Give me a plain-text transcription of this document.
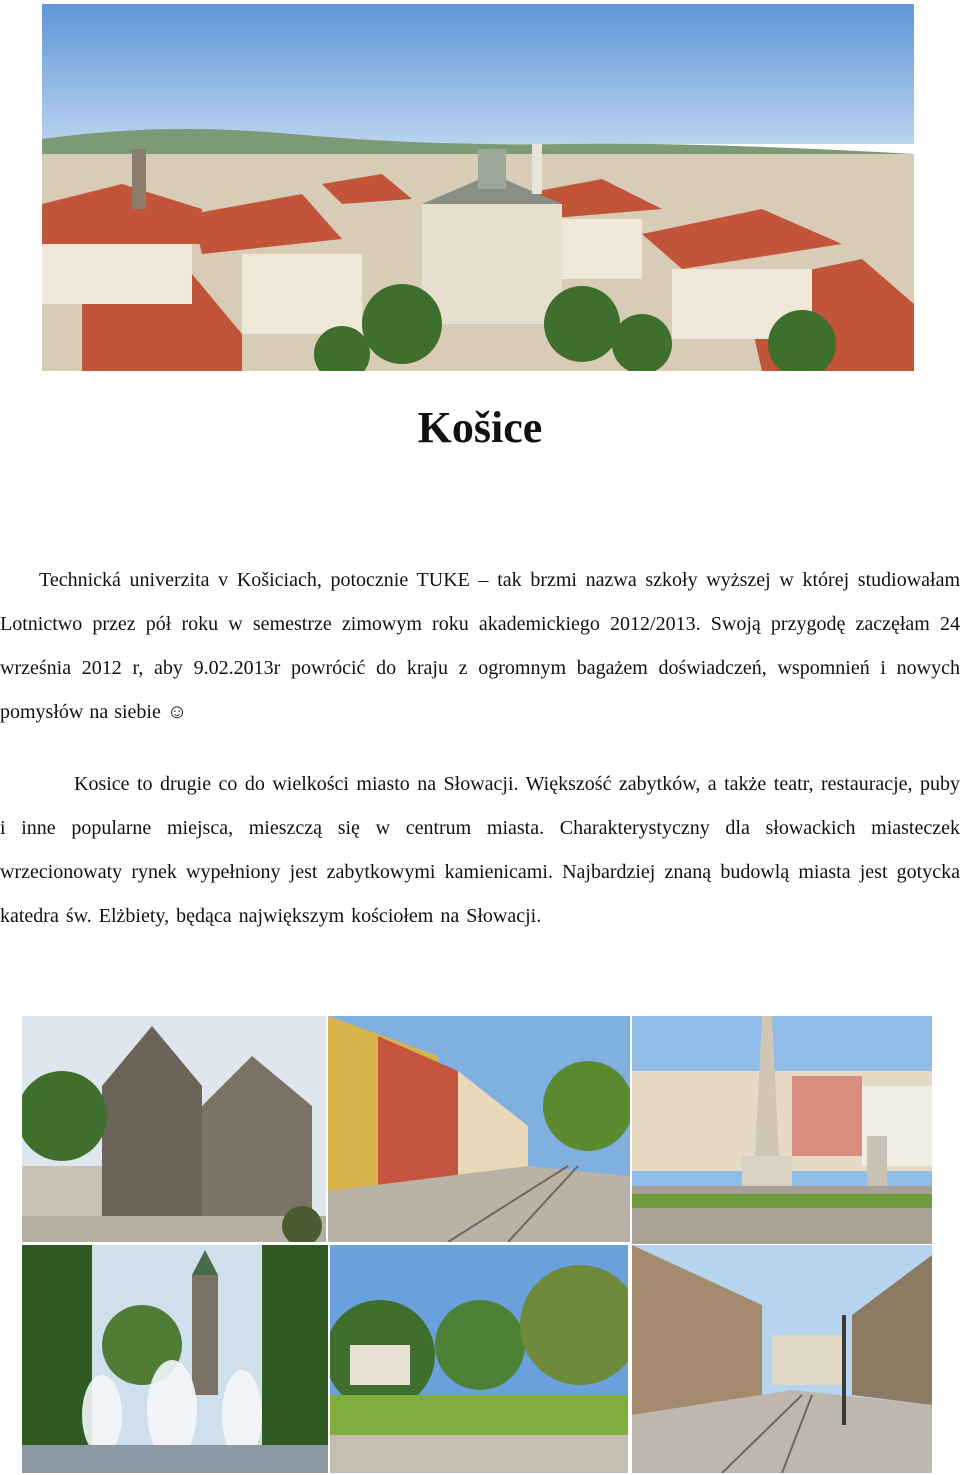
Košice

Technická univerzita v Košiciach, potocznie TUKE – tak brzmi nazwa szkoły wyższej w której studiowałam Lotnictwo przez pół roku w semestrze zimowym roku akademickiego 2012/2013. Swoją przygodę zaczęłam 24 września 2012 r, aby 9.02.2013r powrócić do kraju z ogromnym bagażem doświadczeń, wspomnień i nowych pomysłów na siebie ☺

Kosice to drugie co do wielkości miasto na Słowacji. Większość zabytków, a także teatr, restauracje, puby i inne popularne miejsca, mieszczą się w centrum miasta. Charakterystyczny dla słowackich miasteczek wrzecionowaty rynek wypełniony jest zabytkowymi kamienicami. Najbardziej znaną budowlą miasta jest gotycka katedra św. Elżbiety, będąca największym kościołem na Słowacji.
